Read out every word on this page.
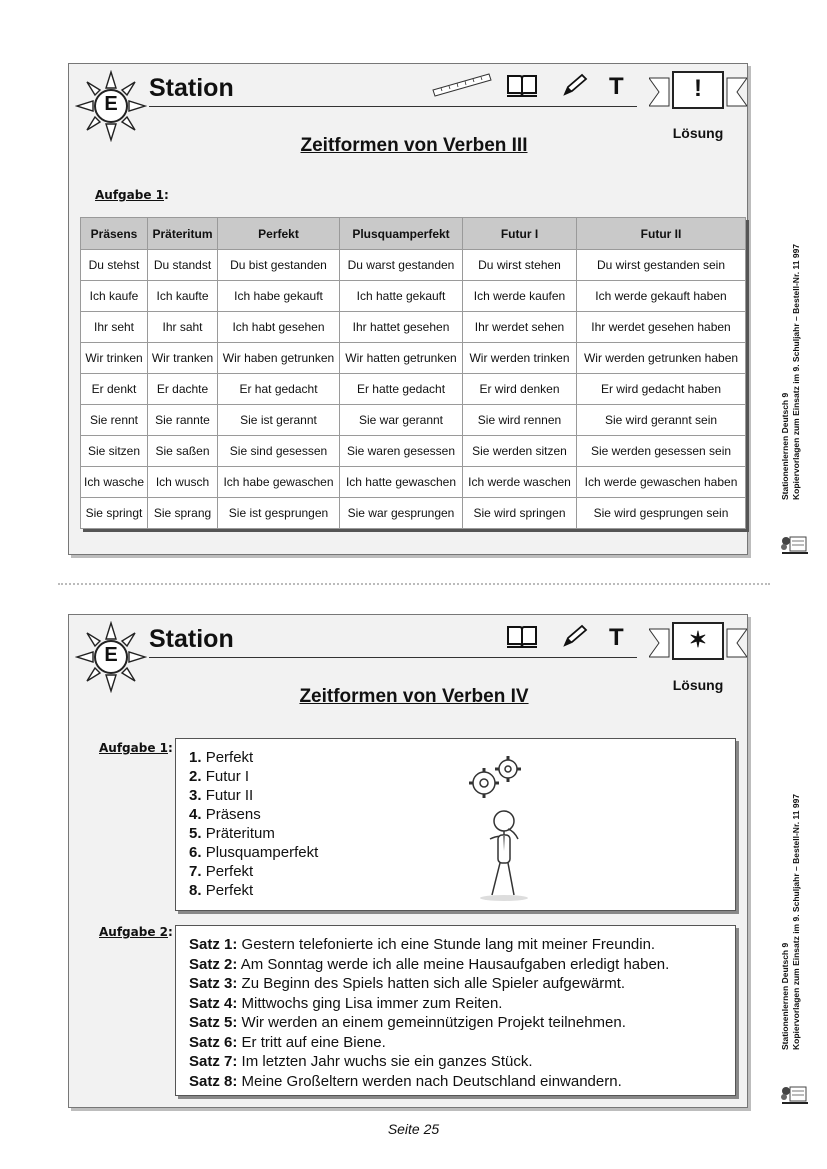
E
Station	T	!
Lösung
Zeitformen von Verben III
Aufgabe 1:
Präsens	Präteritum	Perfekt	Plusquamperfekt	Futur I	Futur II
Du stehst	Du standst	Du bist gestanden	Du warst gestanden	Du wirst stehen	Du wirst gestanden sein
Ich kaufe	Ich kaufte	Ich habe gekauft	Ich hatte gekauft	Ich werde kaufen	Ich werde gekauft haben
Ihr seht	Ihr saht	Ich habt gesehen	Ihr hattet gesehen	Ihr werdet sehen	Ihr werdet gesehen haben
Wir trinken	Wir tranken	Wir haben getrunken	Wir hatten getrunken	Wir werden trinken	Wir werden getrunken haben
Er denkt	Er dachte	Er hat gedacht	Er hatte gedacht	Er wird denken	Er wird gedacht haben
Sie rennt	Sie rannte	Sie ist gerannt	Sie war gerannt	Sie wird rennen	Sie wird gerannt sein
Sie sitzen	Sie saßen	Sie sind gesessen	Sie waren gesessen	Sie werden sitzen	Sie werden gesessen sein
Ich wasche	Ich wusch	Ich habe gewaschen	Ich hatte gewaschen	Ich werde waschen	Ich werde gewaschen haben
Sie springt	Sie sprang	Sie ist gesprungen	Sie war gesprungen	Sie wird springen	Sie wird gesprungen sein
Stationenlernen Deutsch 9 Kopiervorlagen zum Einsatz im 9. Schuljahr – Bestell-Nr. 11 997
E
Station	T	✶
Lösung
Zeitformen von Verben IV
Aufgabe 1:
1. Perfekt
2. Futur I
3. Futur II
4. Präsens
5. Präteritum
6. Plusquamperfekt
7. Perfekt
8. Perfekt
Aufgabe 2:
Satz 1: Gestern telefonierte ich eine Stunde lang mit meiner Freundin.
Satz 2: Am Sonntag werde ich alle meine Hausaufgaben erledigt haben.
Satz 3: Zu Beginn des Spiels hatten sich alle Spieler aufgewärmt.
Satz 4: Mittwochs ging Lisa immer zum Reiten.
Satz 5: Wir werden an einem gemeinnützigen Projekt teilnehmen.
Satz 6: Er tritt auf eine Biene.
Satz 7: Im letzten Jahr wuchs sie ein ganzes Stück.
Satz 8: Meine Großeltern werden nach Deutschland einwandern.
Stationenlernen Deutsch 9 Kopiervorlagen zum Einsatz im 9. Schuljahr – Bestell-Nr. 11 997
Seite 25
